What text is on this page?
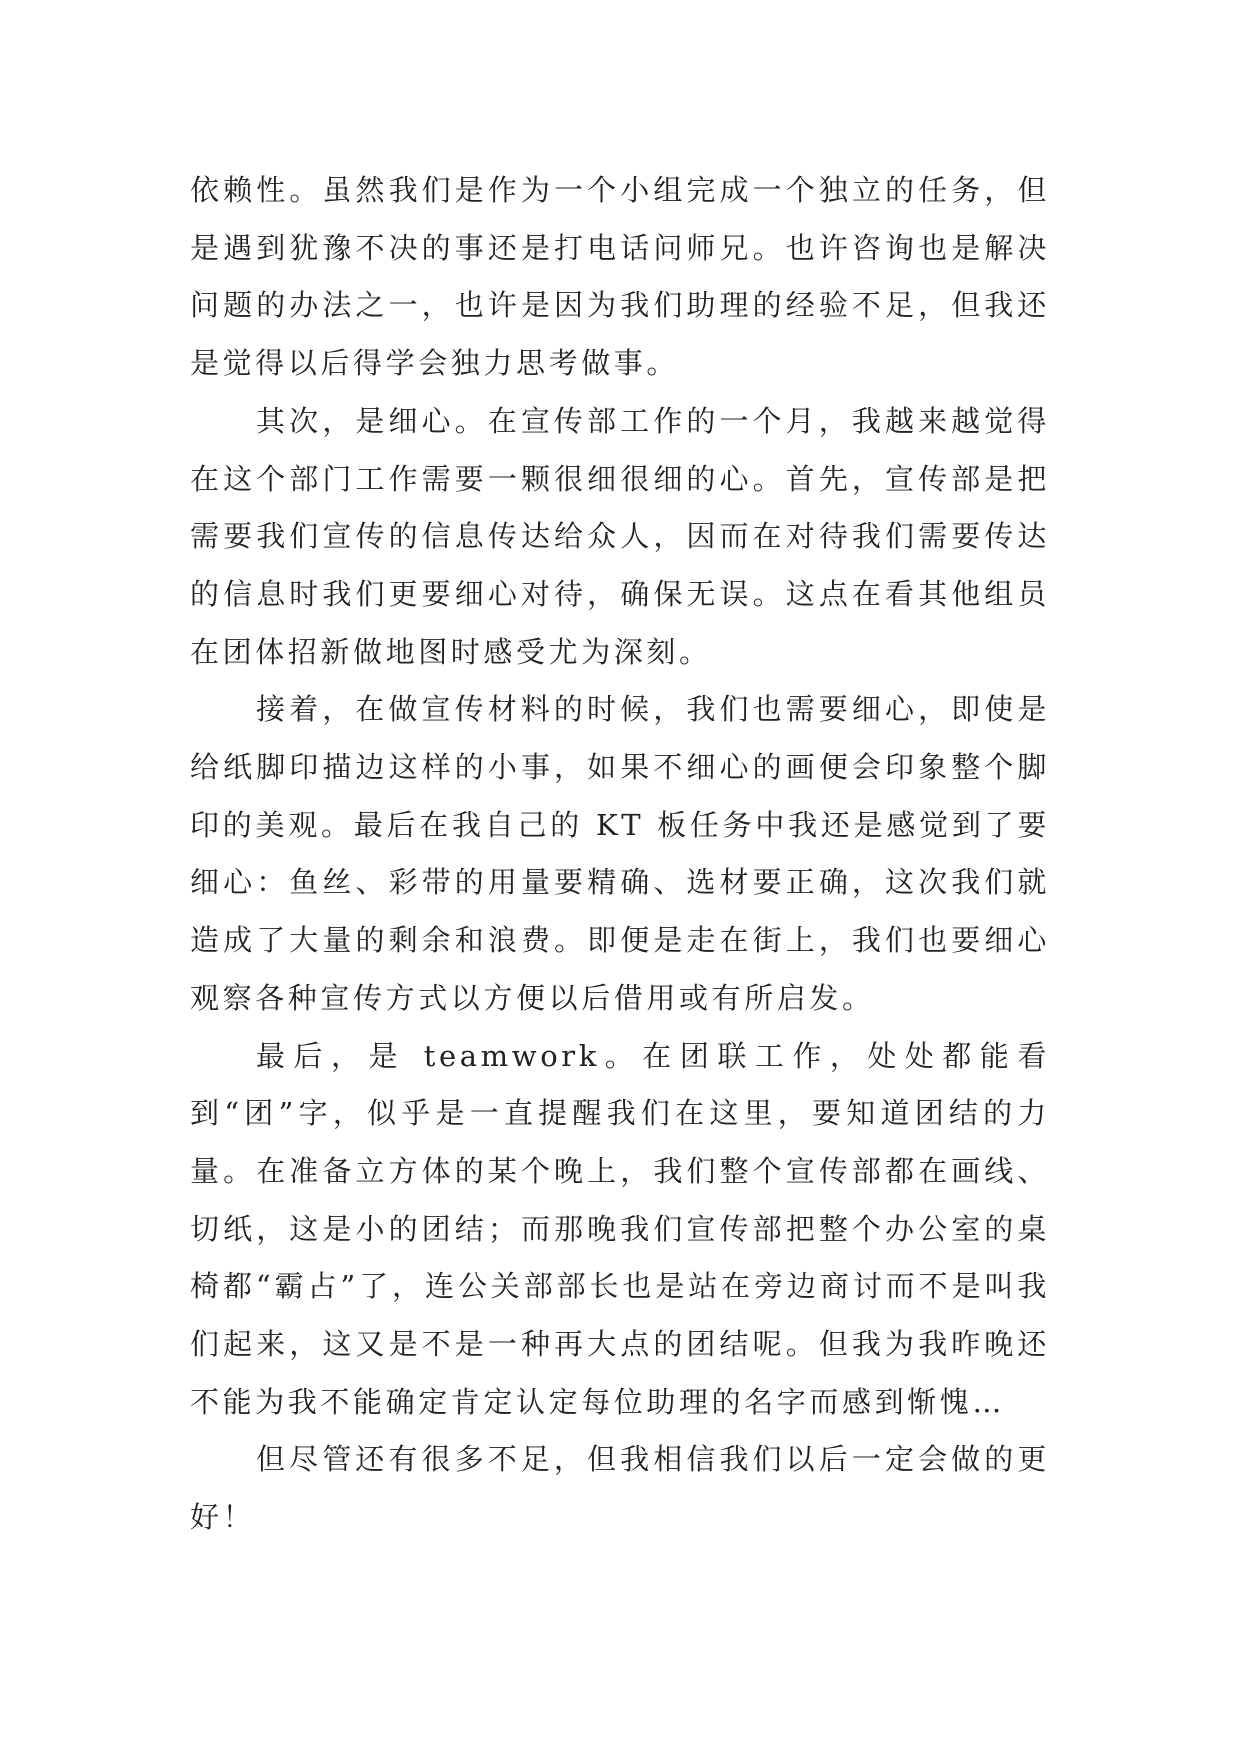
依赖性。虽然我们是作为一个小组完成一个独立的任务，但是遇到犹豫不决的事还是打电话问师兄。也许咨询也是解决问题的办法之一，也许是因为我们助理的经验不足，但我还是觉得以后得学会独力思考做事。

其次，是细心。在宣传部工作的一个月，我越来越觉得在这个部门工作需要一颗很细很细的心。首先，宣传部是把需要我们宣传的信息传达给众人，因而在对待我们需要传达的信息时我们更要细心对待，确保无误。这点在看其他组员在团体招新做地图时感受尤为深刻。

接着，在做宣传材料的时候，我们也需要细心，即使是给纸脚印描边这样的小事，如果不细心的画便会印象整个脚印的美观。最后在我自己的 KT 板任务中我还是感觉到了要细心：鱼丝、彩带的用量要精确、选材要正确，这次我们就造成了大量的剩余和浪费。即便是走在街上，我们也要细心观察各种宣传方式以方便以后借用或有所启发。

最后，是 teamwork。在团联工作，处处都能看到“团”字，似乎是一直提醒我们在这里，要知道团结的力量。在准备立方体的某个晚上，我们整个宣传部都在画线、切纸，这是小的团结；而那晚我们宣传部把整个办公室的桌椅都“霸占”了，连公关部部长也是站在旁边商讨而不是叫我们起来，这又是不是一种再大点的团结呢。但我为我昨晚还不能为我不能确定肯定认定每位助理的名字而感到惭愧…

但尽管还有很多不足，但我相信我们以后一定会做的更好！
